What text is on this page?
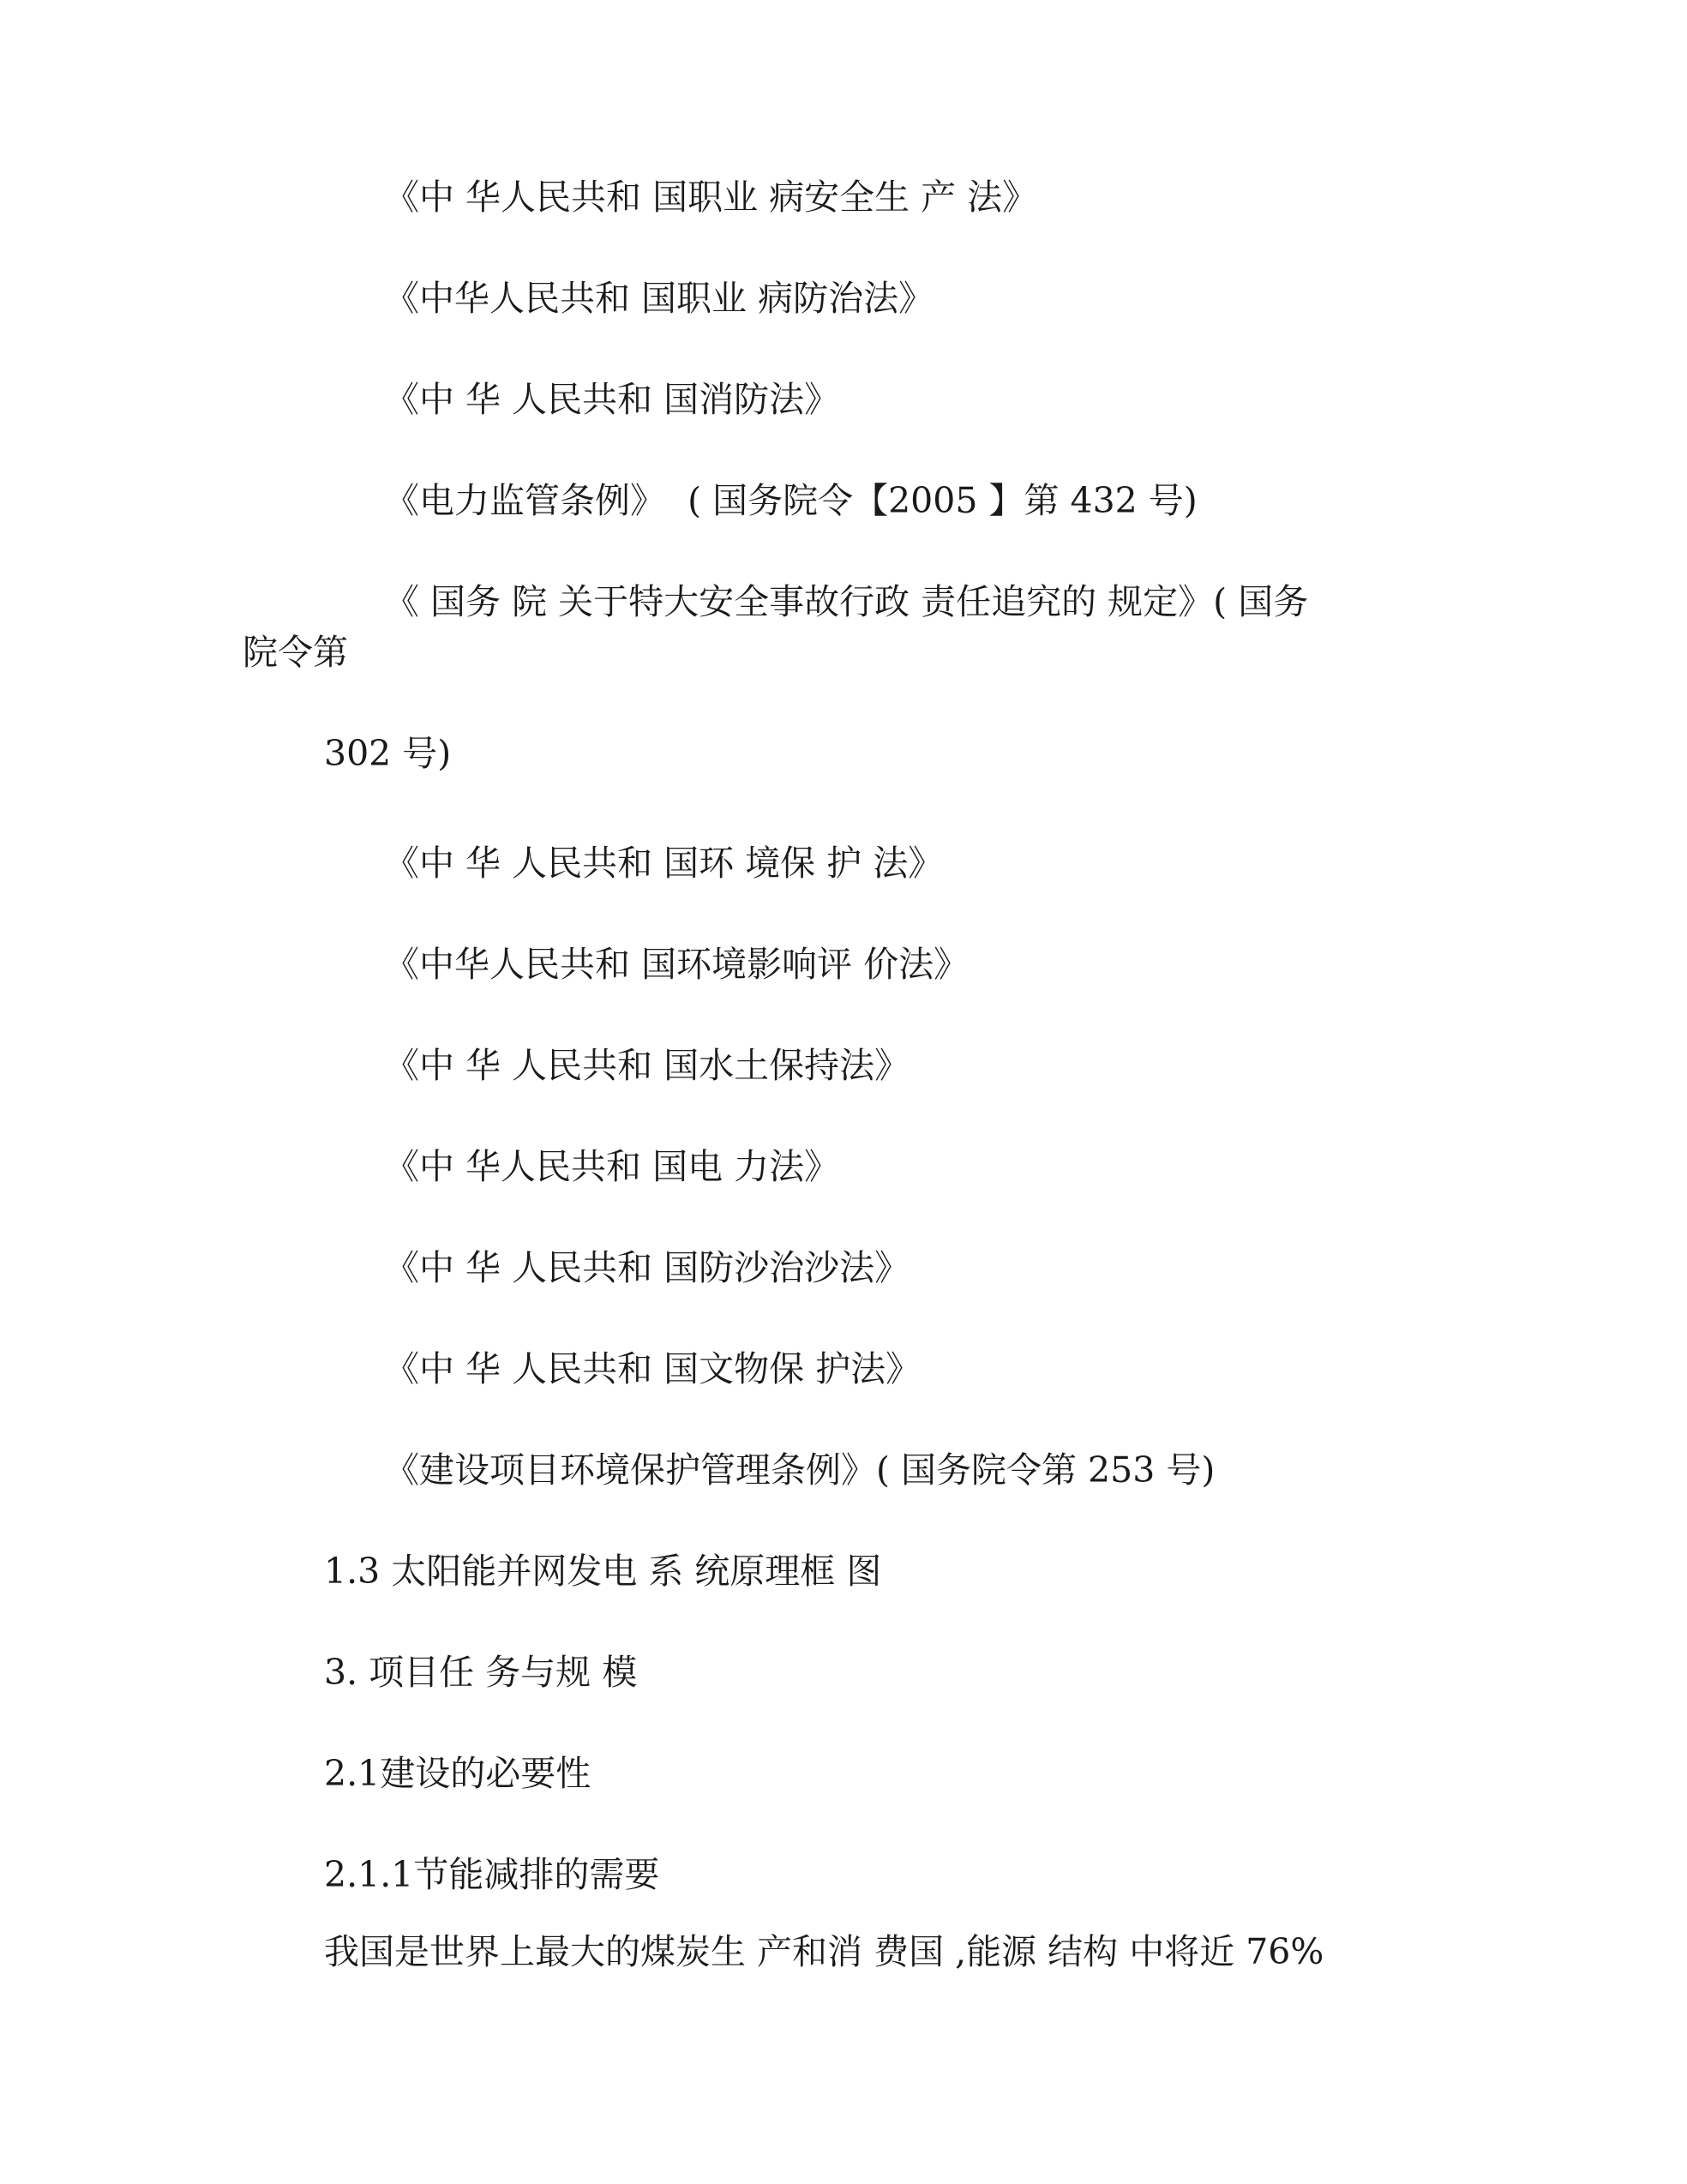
《中 华人民共和 国职业 病安全生 产 法》
《中华人民共和 国职业 病防治法》
《中 华 人民共和 国消防法》
《电力监管条例》  ( 国务院令【2005 】第 432 号)
《 国务 院 关于特大安全事故行政 责任追究的 规定》( 国务
院令第
302 号)
《中 华 人民共和 国环 境保 护 法》
《中华人民共和 国环境影响评 价法》
《中 华 人民共和 国水土保持法》
《中 华人民共和 国电 力法》
《中 华 人民共和 国防沙治沙法》
《中 华 人民共和 国文物保 护法》
《建设项目环境保护管理条例》( 国务院令第 253 号)
1.3 太阳能并网发电 系 统原理框 图
3. 项目任 务与规 模
2.1建设的必要性
2.1.1节能减排的需要
我国是世界上最大的煤炭生 产和消 费国 ,能源 结构 中将近 76%
